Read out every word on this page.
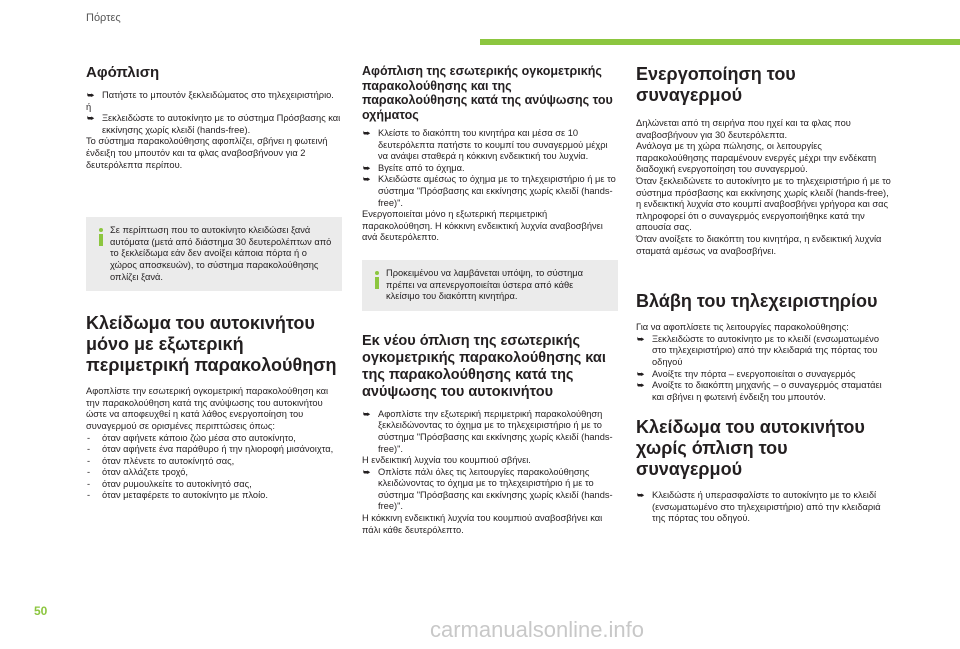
Πόρτες
Αφόπλιση
⮩ Πατήστε το μπουτόν ξεκλειδώματος στο τηλεχειριστήριο.

ή

⮩ Ξεκλειδώστε το αυτοκίνητο με το σύστημα Πρόσβασης και εκκίνησης χωρίς κλειδί (hands-free).

Το σύστημα παρακολούθησης αφοπλίζει, σβήνει η φωτεινή ένδειξη του μπουτόν και τα φλας αναβοσβήνουν για 2 δευτερόλεπτα περίπου.

Σε περίπτωση που το αυτοκίνητο κλειδώσει ξανά αυτόματα (μετά από διάστημα 30 δευτερολέπτων από το ξεκλείδωμα εάν δεν ανοίξει κάποια πόρτα ή ο χώρος αποσκευών), το σύστημα παρακολούθησης οπλίζει ξανά.
Κλείδωμα του αυτοκινήτου μόνο με εξωτερική περιμετρική παρακολούθηση

Αφοπλίστε την εσωτερική ογκομετρική παρακολούθηση και την παρακολούθηση κατά της ανύψωσης του αυτοκινήτου ώστε να αποφευχθεί η κατά λάθος ενεργοποίηση του συναγερμού σε ορισμένες περιπτώσεις όπως:

-	όταν αφήνετε κάποιο ζώο μέσα στο αυτοκίνητο,
-	όταν αφήνετε ένα παράθυρο ή την ηλιοροφή μισάνοιχτα,
-	όταν πλένετε το αυτοκίνητό σας,
-	όταν αλλάζετε τροχό,
-	όταν ρυμουλκείτε το αυτοκίνητό σας,
-	όταν μεταφέρετε το αυτοκίνητο με πλοίο.
Αφόπλιση της εσωτερικής ογκομετρικής παρακολούθησης και της παρακολούθησης κατά της ανύψωσης του οχήματος
⮩ Κλείστε το διακόπτη του κινητήρα και μέσα σε 10 δευτερόλεπτα πατήστε το κουμπί του συναγερμού μέχρι να ανάψει σταθερά η κόκκινη ενδεικτική του λυχνία.
⮩ Βγείτε από το όχημα.
⮩ Κλειδώστε αμέσως το όχημα με το τηλεχειριστήριο ή με το σύστημα "Πρόσβασης και εκκίνησης χωρίς κλειδί (hands-free)".

Ενεργοποιείται μόνο η εξωτερική περιμετρική παρακολούθηση. Η κόκκινη ενδεικτική λυχνία αναβοσβήνει ανά δευτερόλεπτο.

Προκειμένου να λαμβάνεται υπόψη, το σύστημα πρέπει να απενεργοποιείται ύστερα από κάθε κλείσιμο του διακόπτη κινητήρα.
Εκ νέου όπλιση της εσωτερικής ογκομετρικής παρακολούθησης και της παρακολούθησης κατά της ανύψωσης του αυτοκινήτου
⮩ Αφοπλίστε την εξωτερική περιμετρική παρακολούθηση ξεκλειδώνοντας το όχημα με το τηλεχειριστήριο ή με το σύστημα "Πρόσβασης και εκκίνησης χωρίς κλειδί (hands-free)".

Η ενδεικτική λυχνία του κουμπιού σβήνει.

⮩ Οπλίστε πάλι όλες τις λειτουργίες παρακολούθησης κλειδώνοντας το όχημα με το τηλεχειριστήριο ή με το σύστημα "Πρόσβασης και εκκίνησης χωρίς κλειδί (hands-free)".

Η κόκκινη ενδεικτική λυχνία του κουμπιού αναβοσβήνει και πάλι κάθε δευτερόλεπτο.

Ενεργοποίηση του συναγερμού

Δηλώνεται από τη σειρήνα που ηχεί και τα φλας που αναβοσβήνουν για 30 δευτερόλεπτα.

Ανάλογα με τη χώρα πώλησης, οι λειτουργίες παρακολούθησης παραμένουν ενεργές μέχρι την ενδέκατη διαδοχική ενεργοποίηση του συναγερμού.

Όταν ξεκλειδώνετε το αυτοκίνητο με το τηλεχειριστήριο ή με το σύστημα πρόσβασης και εκκίνησης χωρίς κλειδί (hands-free), η ενδεικτική λυχνία στο κουμπί αναβοσβήνει γρήγορα και σας πληροφορεί ότι ο συναγερμός ενεργοποιήθηκε κατά την απουσία σας.

Όταν ανοίξετε το διακόπτη του κινητήρα, η ενδεικτική λυχνία σταματά αμέσως να αναβοσβήνει.

Βλάβη του τηλεχειριστηρίου

Για να αφοπλίσετε τις λειτουργίες παρακολούθησης:

⮩ Ξεκλειδώστε το αυτοκίνητο με το κλειδί (ενσωματωμένο στο τηλεχειριστήριο) από την κλειδαριά της πόρτας του οδηγού
⮩ Ανοίξτε την πόρτα – ενεργοποιείται ο συναγερμός
⮩ Ανοίξτε το διακόπτη μηχανής – ο συναγερμός σταματάει και σβήνει η φωτεινή ένδειξη του μπουτόν.
Κλείδωμα του αυτοκινήτου χωρίς όπλιση του συναγερμού
⮩ Κλειδώστε ή υπερασφαλίστε το αυτοκίνητο με το κλειδί (ενσωματωμένο στο τηλεχειριστήριο) από την κλειδαριά της πόρτας του οδηγού.
50
carmanualsonline.info
